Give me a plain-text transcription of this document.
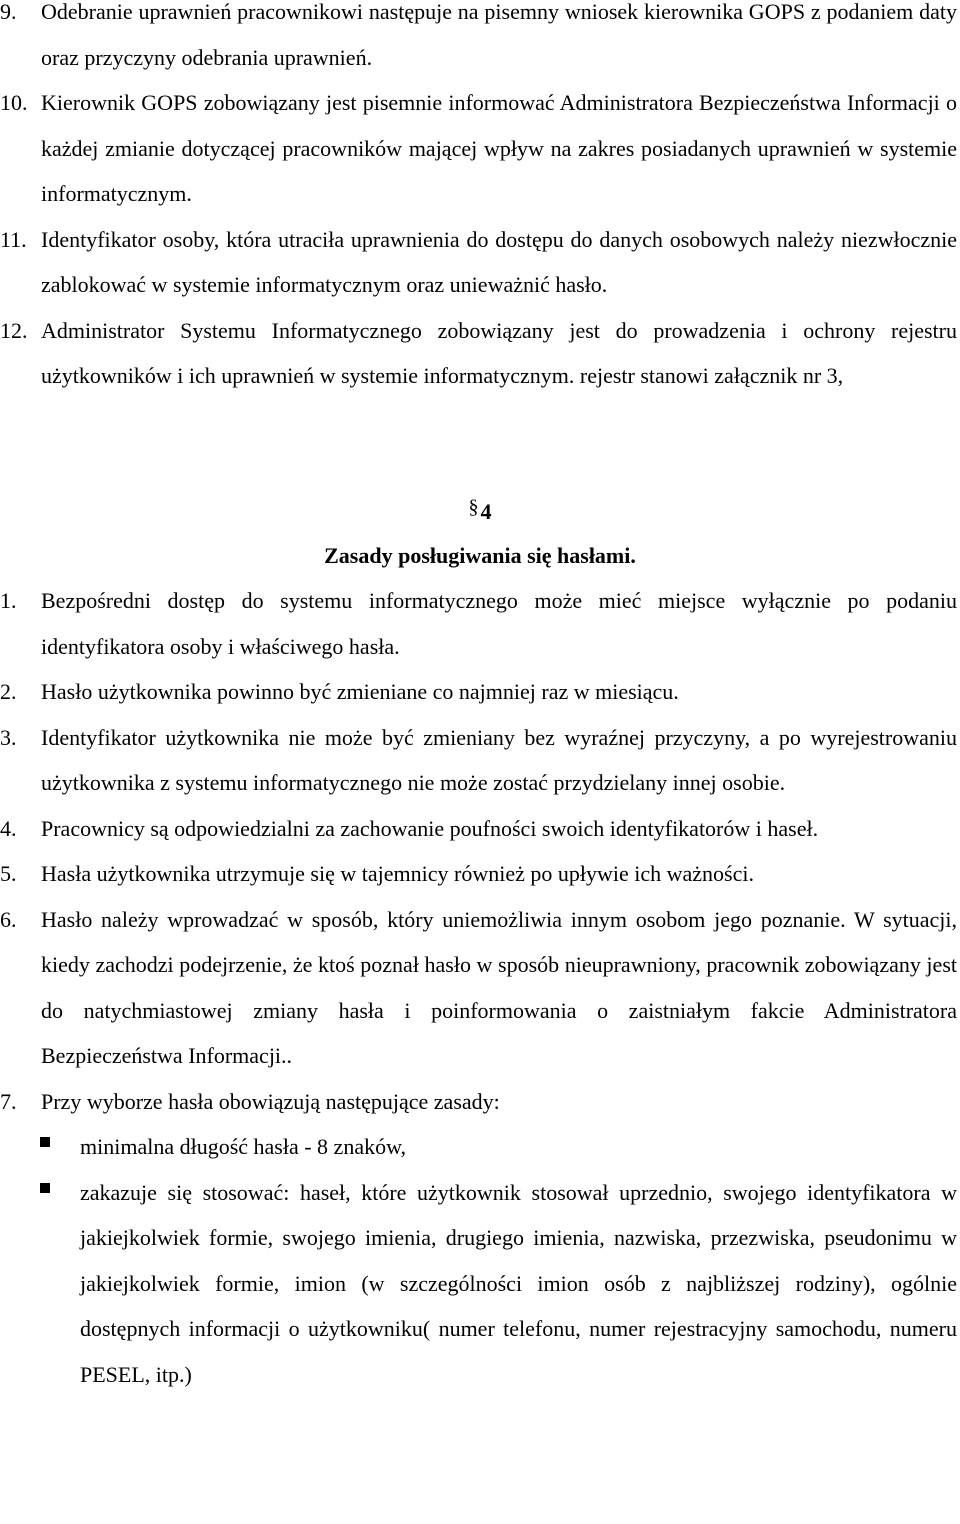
9. Odebranie uprawnień pracownikowi następuje na pisemny wniosek kierownika GOPS z podaniem daty oraz przyczyny odebrania uprawnień.
10. Kierownik GOPS zobowiązany jest pisemnie informować Administratora Bezpieczeństwa Informacji o każdej zmianie dotyczącej pracowników mającej wpływ na zakres posiadanych uprawnień w systemie informatycznym.
11. Identyfikator osoby, która utraciła uprawnienia do dostępu do danych osobowych należy niezwłocznie zablokować w systemie informatycznym oraz unieważnić hasło.
12. Administrator Systemu Informatycznego zobowiązany jest do prowadzenia i ochrony rejestru użytkowników i ich uprawnień w systemie informatycznym. rejestr stanowi załącznik nr 3,

§4

Zasady posługiwania się hasłami.

1. Bezpośredni dostęp do systemu informatycznego może mieć miejsce wyłącznie po podaniu identyfikatora osoby i właściwego hasła.
2. Hasło użytkownika powinno być zmieniane co najmniej raz w miesiącu.
3. Identyfikator użytkownika nie może być zmieniany bez wyraźnej przyczyny, a po wyrejestrowaniu użytkownika z systemu informatycznego nie może zostać przydzielany innej osobie.
4. Pracownicy są odpowiedzialni za zachowanie poufności swoich identyfikatorów i haseł.
5. Hasła użytkownika utrzymuje się w tajemnicy również po upływie ich ważności.
6. Hasło należy wprowadzać w sposób, który uniemożliwia innym osobom jego poznanie. W sytuacji, kiedy zachodzi podejrzenie, że ktoś poznał hasło w sposób nieuprawniony, pracownik zobowiązany jest do natychmiastowej zmiany hasła i poinformowania o zaistniałym fakcie Administratora Bezpieczeństwa Informacji..
7. Przy wyborze hasła obowiązują następujące zasady:
minimalna długość hasła - 8 znaków,
zakazuje się stosować: haseł, które użytkownik stosował uprzednio, swojego identyfikatora w jakiejkolwiek formie, swojego imienia, drugiego imienia, nazwiska, przezwiska, pseudonimu w jakiejkolwiek formie, imion (w szczególności imion osób z najbliższej rodziny), ogólnie dostępnych informacji o użytkowniku( numer telefonu, numer rejestracyjny samochodu, numeru PESEL, itp.)
